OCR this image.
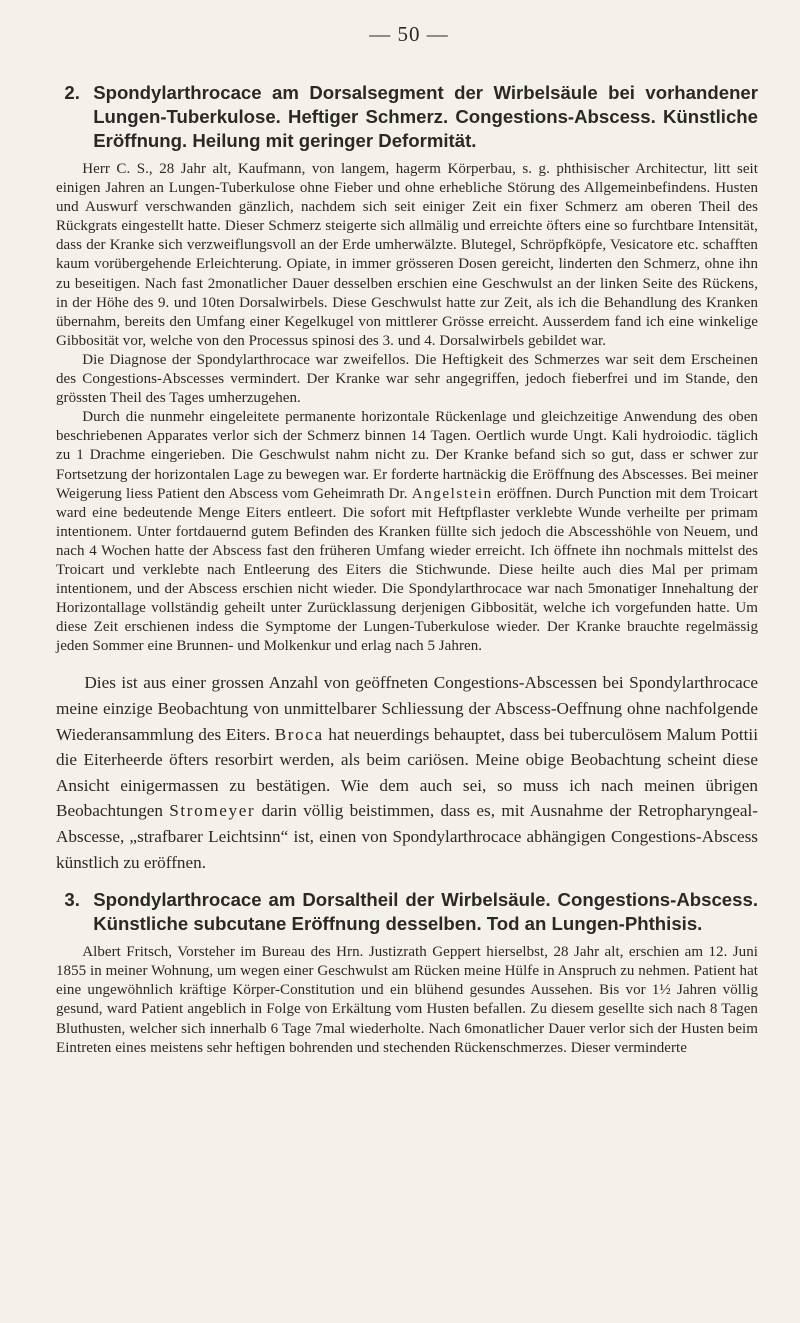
— 50 —
2. Spondylarthrocace am Dorsalsegment der Wirbelsäule bei vorhandener Lungen-Tuberkulose. Heftiger Schmerz. Congestions-Abscess. Künstliche Eröffnung. Heilung mit geringer Deformität.

Herr C. S., 28 Jahr alt, Kaufmann, von langem, hagerm Körperbau, s. g. phthisischer Architectur, litt seit einigen Jahren an Lungen-Tuberkulose ohne Fieber und ohne erhebliche Störung des Allgemeinbefindens. Husten und Auswurf verschwanden gänzlich, nachdem sich seit einiger Zeit ein fixer Schmerz am oberen Theil des Rückgrats eingestellt hatte. Dieser Schmerz steigerte sich allmälig und erreichte öfters eine so furchtbare Intensität, dass der Kranke sich verzweiflungsvoll an der Erde umherwälzte. Blutegel, Schröpfköpfe, Vesicatore etc. schafften kaum vorübergehende Erleichterung. Opiate, in immer grösseren Dosen gereicht, linderten den Schmerz, ohne ihn zu beseitigen. Nach fast 2monatlicher Dauer desselben erschien eine Geschwulst an der linken Seite des Rückens, in der Höhe des 9. und 10ten Dorsalwirbels. Diese Geschwulst hatte zur Zeit, als ich die Behandlung des Kranken übernahm, bereits den Umfang einer Kegelkugel von mittlerer Grösse erreicht. Ausserdem fand ich eine winkelige Gibbosität vor, welche von den Processus spinosi des 3. und 4. Dorsalwirbels gebildet war.

Die Diagnose der Spondylarthrocace war zweifellos. Die Heftigkeit des Schmerzes war seit dem Erscheinen des Congestions-Abscesses vermindert. Der Kranke war sehr angegriffen, jedoch fieberfrei und im Stande, den grössten Theil des Tages umherzugehen.

Durch die nunmehr eingeleitete permanente horizontale Rückenlage und gleichzeitige Anwendung des oben beschriebenen Apparates verlor sich der Schmerz binnen 14 Tagen. Oertlich wurde Ungt. Kali hydroiodic. täglich zu 1 Drachme eingerieben. Die Geschwulst nahm nicht zu. Der Kranke befand sich so gut, dass er schwer zur Fortsetzung der horizontalen Lage zu bewegen war. Er forderte hartnäckig die Eröffnung des Abscesses. Bei meiner Weigerung liess Patient den Abscess vom Geheimrath Dr. Angelstein eröffnen. Durch Punction mit dem Troicart ward eine bedeutende Menge Eiters entleert. Die sofort mit Heftpflaster verklebte Wunde verheilte per primam intentionem. Unter fortdauernd gutem Befinden des Kranken füllte sich jedoch die Abscesshöhle von Neuem, und nach 4 Wochen hatte der Abscess fast den früheren Umfang wieder erreicht. Ich öffnete ihn nochmals mittelst des Troicart und verklebte nach Entleerung des Eiters die Stichwunde. Diese heilte auch dies Mal per primam intentionem, und der Abscess erschien nicht wieder. Die Spondylarthrocace war nach 5monatiger Innehaltung der Horizontallage vollständig geheilt unter Zurücklassung derjenigen Gibbosität, welche ich vorgefunden hatte. Um diese Zeit erschienen indess die Symptome der Lungen-Tuberkulose wieder. Der Kranke brauchte regelmässig jeden Sommer eine Brunnen- und Molkenkur und erlag nach 5 Jahren.

Dies ist aus einer grossen Anzahl von geöffneten Congestions-Abscessen bei Spondylarthrocace meine einzige Beobachtung von unmittelbarer Schliessung der Abscess-Oeffnung ohne nachfolgende Wiederansammlung des Eiters. Broca hat neuerdings behauptet, dass bei tuberculösem Malum Pottii die Eiterheerde öfters resorbirt werden, als beim cariösen. Meine obige Beobachtung scheint diese Ansicht einigermassen zu bestätigen. Wie dem auch sei, so muss ich nach meinen übrigen Beobachtungen Stromeyer darin völlig beistimmen, dass es, mit Ausnahme der Retropharyngeal-Abscesse, „strafbarer Leichtsinn“ ist, einen von Spondylarthrocace abhängigen Congestions-Abscess künstlich zu eröffnen.

3. Spondylarthrocace am Dorsaltheil der Wirbelsäule. Congestions-Abscess. Künstliche subcutane Eröffnung desselben. Tod an Lungen-Phthisis.

Albert Fritsch, Vorsteher im Bureau des Hrn. Justizrath Geppert hierselbst, 28 Jahr alt, erschien am 12. Juni 1855 in meiner Wohnung, um wegen einer Geschwulst am Rücken meine Hülfe in Anspruch zu nehmen. Patient hat eine ungewöhnlich kräftige Körper-Constitution und ein blühend gesundes Aussehen. Bis vor 1½ Jahren völlig gesund, ward Patient angeblich in Folge von Erkältung vom Husten befallen. Zu diesem gesellte sich nach 8 Tagen Bluthusten, welcher sich innerhalb 6 Tage 7mal wiederholte. Nach 6monatlicher Dauer verlor sich der Husten beim Eintreten eines meistens sehr heftigen bohrenden und stechenden Rückenschmerzes. Dieser verminderte
